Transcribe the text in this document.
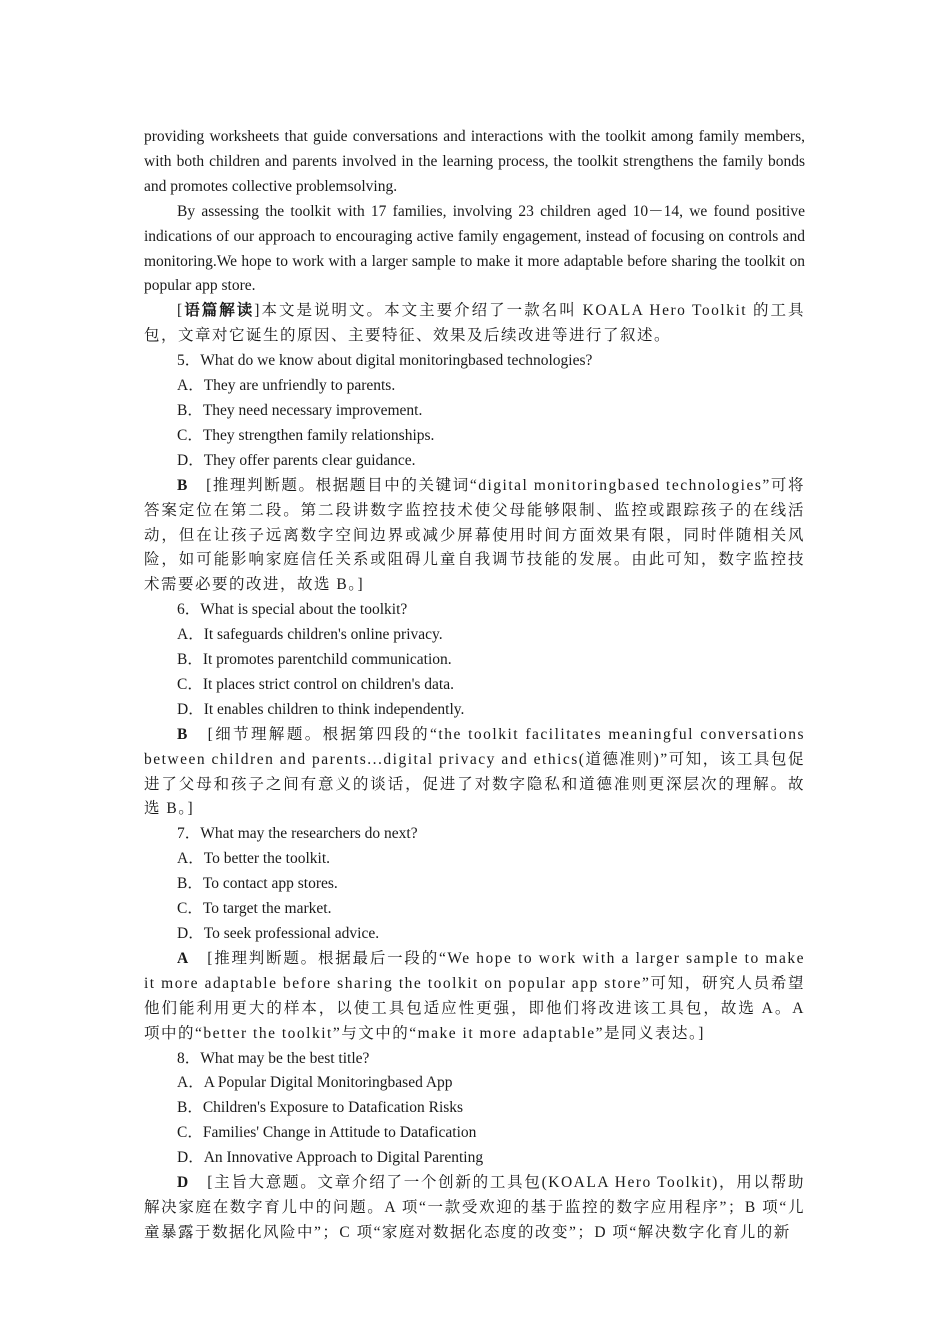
providing worksheets that guide conversations and interactions with the toolkit among family members, with both children and parents involved in the learning process, the toolkit strengthens the family bonds and promotes collective problemsolving.

By assessing the toolkit with 17 families, involving 23 children aged 10－14, we found positive indications of our approach to encouraging active family engagement, instead of focusing on controls and monitoring.We hope to work with a larger sample to make it more adaptable before sharing the toolkit on popular app store.

[语篇解读]本文是说明文。本文主要介绍了一款名叫 KOALA Hero Toolkit 的工具包，文章对它诞生的原因、主要特征、效果及后续改进等进行了叙述。

5．What do we know about digital monitoringbased technologies?

A．They are unfriendly to parents.

B．They need necessary improvement.

C．They strengthen family relationships.

D．They offer parents clear guidance.

B　 [推理判断题。根据题目中的关键词“digital monitoringbased technologies”可将答案定位在第二段。第二段讲数字监控技术使父母能够限制、监控或跟踪孩子的在线活动，但在让孩子远离数字空间边界或减少屏幕使用时间方面效果有限，同时伴随相关风险，如可能影响家庭信任关系或阻碍儿童自我调节技能的发展。由此可知，数字监控技术需要必要的改进，故选 B。]

6．What is special about the toolkit?

A．It safeguards children's online privacy.

B．It promotes parentchild communication.

C．It places strict control on children's data.

D．It enables children to think independently.

B　 [细节理解题。根据第四段的“the toolkit facilitates meaningful conversations between children and parents...digital privacy and ethics(道德准则)”可知，该工具包促进了父母和孩子之间有意义的谈话，促进了对数字隐私和道德准则更深层次的理解。故选 B。]

7．What may the researchers do next?

A．To better the toolkit.

B．To contact app stores.

C．To target the market.

D．To seek professional advice.

A　 [推理判断题。根据最后一段的“We hope to work with a larger sample to make it more adaptable before sharing the toolkit on popular app store”可知，研究人员希望他们能利用更大的样本，以使工具包适应性更强，即他们将改进该工具包，故选 A。A 项中的“better the toolkit”与文中的“make it more adaptable”是同义表达。]

8．What may be the best title?

A．A Popular Digital Monitoringbased App

B．Children's Exposure to Datafication Risks

C．Families' Change in Attitude to Datafication

D．An Innovative Approach to Digital Parenting

D　 [主旨大意题。文章介绍了一个创新的工具包(KOALA Hero Toolkit)，用以帮助解决家庭在数字育儿中的问题。A 项“一款受欢迎的基于监控的数字应用程序”；B 项“儿童暴露于数据化风险中”；C 项“家庭对数据化态度的改变”；D 项“解决数字化育儿的新
